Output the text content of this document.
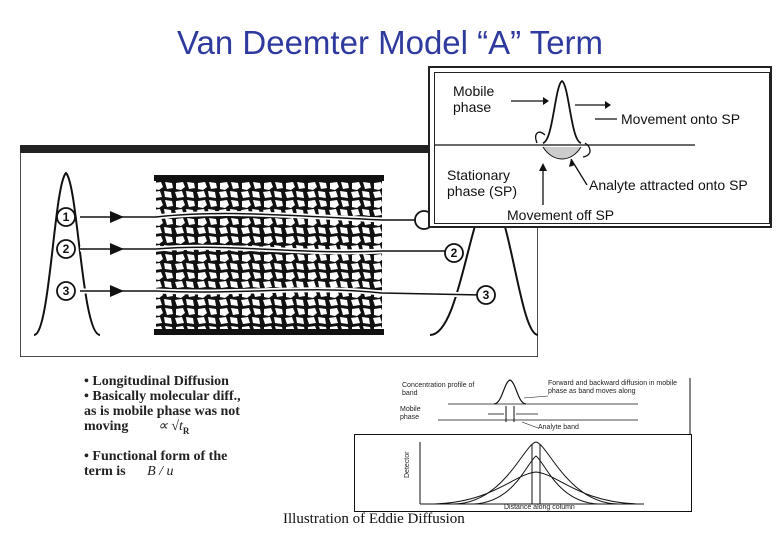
Van Deemter Model “A” Term
1
2
3
2
3
Mobile phase
Movement onto SP
Stationary phase (SP)	Analyte attracted onto SP
Movement off SP
• Longitudinal Diffusion
• Basically molecular diff.,
as is mobile phase was not
moving ∝ $√t_R$
• Functional form of the
term is B / u
Concentration profile of band
Forward and backward diffusion in mobile phase as band moves along
Mobile phase
Analyte band
Detector
Distance along column
Illustration of Eddie Diffusion
